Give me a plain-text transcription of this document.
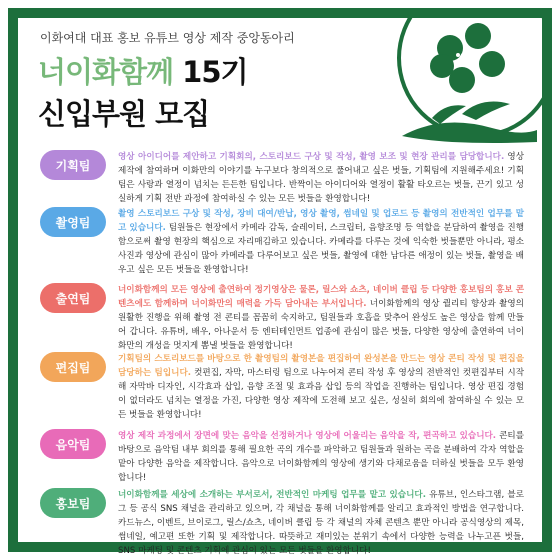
이화여대 대표 홍보 유튜브 영상 제작 중앙동아리
너이화함께 15기
신입부원 모집
기획팀
영상 아이디어를 제안하고 기획회의, 스토리보드 구상 및 작성, 촬영 보조 및 현장 관리를 담당합니다. 영상 제작에 참여하며 이화만의 이야기를 누구보다 창의적으로 풀어내고 싶은 벗들, 기획팀에 지원해주세요! 기획팀은 사랑과 열정이 넘치는 든든한 팀입니다. 반짝이는 아이디어와 열정이 활활 타오르는 벗들, 끈기 있고 성실하게 기획 전반 과정에 참여하실 수 있는 모든 벗들을 환영합니다!
촬영팀
촬영 스토리보드 구상 및 작성, 장비 대여/반납, 영상 촬영, 썸네일 및 업로드 등 촬영의 전반적인 업무를 맡고 있습니다. 팀원들은 현장에서 카메라 감독, 슬레이터, 스크립터, 음향조명 등 역할을 분담하여 촬영을 진행함으로써 촬영 현장의 핵심으로 자리매김하고 있습니다. 카메라를 다루는 것에 익숙한 벗들뿐만 아니라, 평소 사진과 영상에 관심이 많아 카메라를 다루어보고 싶은 벗들, 촬영에 대한 남다른 애정이 있는 벗들, 촬영을 배우고 싶은 모든 벗들을 환영합니다!
출연팀
너이화함께의 모든 영상에 출연하여 정기영상은 물론, 릴스와 쇼츠, 네이버 클립 등 다양한 홍보팀의 홍보 콘텐츠에도 함께하며 너이화만의 매력을 가득 담아내는 부서입니다. 너이화함께의 영상 퀄리티 향상과 촬영의 원활한 진행을 위해 촬영 전 콘티를 꼼꼼히 숙지하고, 팀원들과 호흡을 맞추어 완성도 높은 영상을 함께 만들어 갑니다. 유튜버, 배우, 아나운서 등 엔터테인먼트 업종에 관심이 많은 벗들, 다양한 영상에 출연하여 너이화만의 개성을 멋지게 뽐낼 벗들을 환영합니다!
편집팀
기획팀의 스토리보드를 바탕으로 한 촬영팀의 촬영본을 편집하여 완성본을 만드는 영상 콘티 작성 및 편집을 담당하는 팀입니다. 컷편집, 자막, 마스터링 팀으로 나누어져 콘티 작성 후 영상의 전반적인 컷편집부터 시작해 자막바 디자인, 시각효과 삽입, 음향 조절 및 효과음 삽입 등의 작업을 진행하는 팀입니다. 영상 편집 경험이 없더라도 넘치는 열정을 가진, 다양한 영상 제작에 도전해 보고 싶은, 성실히 회의에 참여하실 수 있는 모든 벗들을 환영합니다!
음악팀
영상 제작 과정에서 장면에 맞는 음악을 선정하거나 영상에 어울리는 음악을 작, 편곡하고 있습니다. 콘티를 바탕으로 음악팀 내부 회의를 통해 필요한 곡의 개수를 파악하고 팀원들과 원하는 곡을 분배하여 각자 역할을 맡아 다양한 음악을 제작합니다. 음악으로 너이화함께의 영상에 생기와 다채로움을 더하실 벗들을 모두 환영합니다!
홍보팀
너이화함께를 세상에 소개하는 부서로서, 전반적인 마케팅 업무를 맡고 있습니다. 유튜브, 인스타그램, 블로그 등 공식 SNS 채널을 관리하고 있으며, 각 채널을 통해 너이화함께를 알리고 효과적인 방법을 연구합니다. 카드뉴스, 이벤트, 브이로그, 릴스/쇼츠, 네이버 클립 등 각 채널의 자체 콘텐츠 뿐만 아니라 공식영상의 제목, 썸네일, 예고편 또한 기획 및 제작합니다. 따뜻하고 재미있는 분위기 속에서 다양한 능력을 나누고픈 벗들, SNS 마케팅 및 콘텐츠 기획에 관심이 있는 모든 벗들을 환영합니다!
